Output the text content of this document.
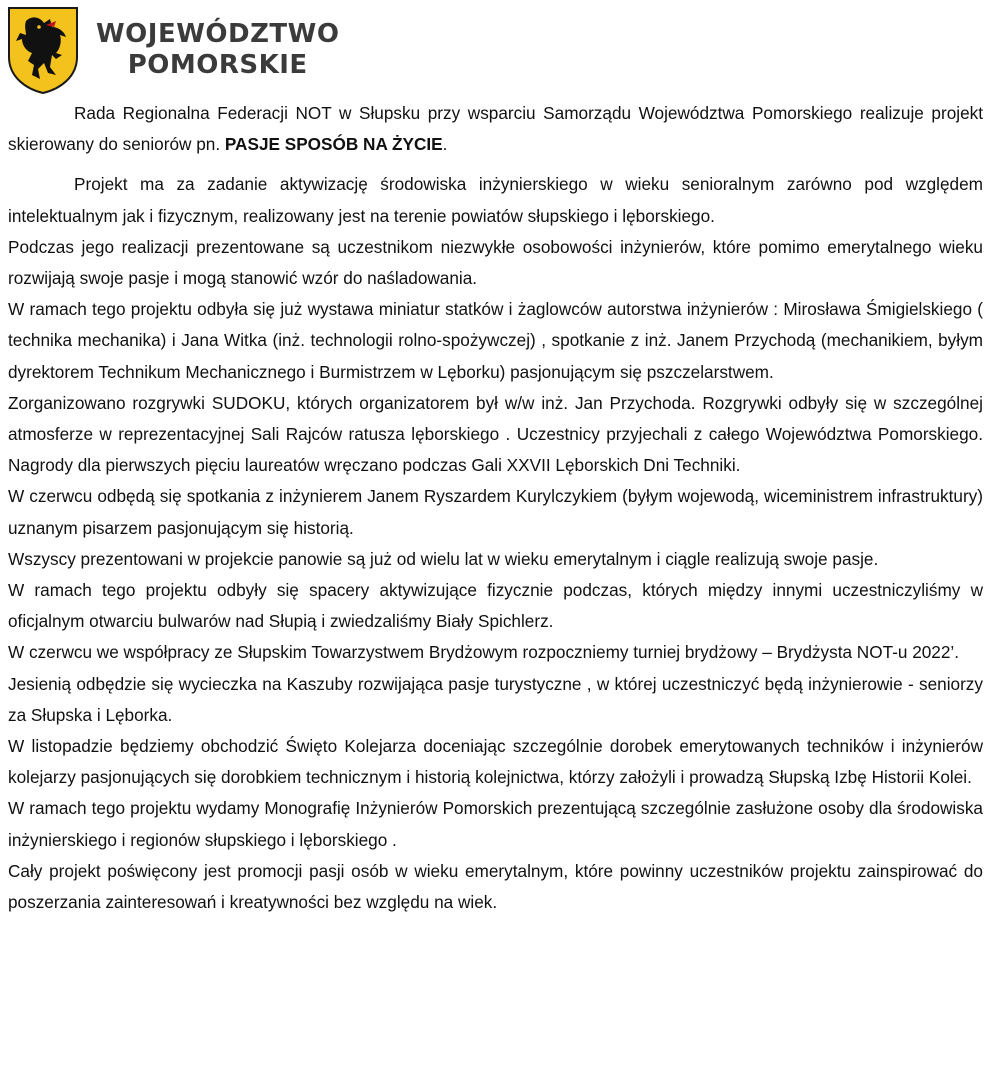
WOJEWÓDZTWO
POMORSKIE

Rada Regionalna Federacji NOT w Słupsku przy wsparciu Samorządu Województwa Pomorskiego realizuje projekt skierowany do seniorów pn. PASJE SPOSÓB NA ŻYCIE.

Projekt ma za zadanie aktywizację środowiska inżynierskiego w wieku senioralnym zarówno pod względem intelektualnym jak i fizycznym, realizowany jest na terenie powiatów słupskiego i lęborskiego.

Podczas jego realizacji prezentowane są uczestnikom niezwykłe osobowości inżynierów, które pomimo emerytalnego wieku rozwijają swoje pasje i mogą stanowić wzór do naśladowania.

W ramach tego projektu odbyła się już wystawa miniatur statków i żaglowców autorstwa inżynierów : Mirosława Śmigielskiego ( technika mechanika) i Jana Witka (inż. technologii rolno-spożywczej) , spotkanie z inż. Janem Przychodą (mechanikiem, byłym dyrektorem Technikum Mechanicznego i Burmistrzem w Lęborku) pasjonującym się pszczelarstwem.

Zorganizowano rozgrywki SUDOKU, których organizatorem był w/w inż. Jan Przychoda. Rozgrywki odbyły się w szczególnej atmosferze w reprezentacyjnej Sali Rajców ratusza lęborskiego . Uczestnicy przyjechali z całego Województwa Pomorskiego. Nagrody dla pierwszych pięciu laureatów wręczano podczas Gali XXVII Lęborskich Dni Techniki.

W czerwcu odbędą się spotkania z inżynierem Janem Ryszardem Kurylczykiem (byłym wojewodą, wiceministrem infrastruktury) uznanym pisarzem pasjonującym się historią.

Wszyscy prezentowani w projekcie panowie są już od wielu lat w wieku emerytalnym i ciągle realizują swoje pasje.

W ramach tego projektu odbyły się spacery aktywizujące fizycznie podczas, których między innymi uczestniczyliśmy w oficjalnym otwarciu bulwarów nad Słupią i zwiedzaliśmy Biały Spichlerz.

W czerwcu we współpracy ze Słupskim Towarzystwem Brydżowym rozpoczniemy turniej brydżowy – Brydżysta NOT-u 2022’.

Jesienią odbędzie się wycieczka na Kaszuby rozwijająca pasje turystyczne , w której uczestniczyć będą inżynierowie - seniorzy za Słupska i Lęborka.

W listopadzie będziemy obchodzić Święto Kolejarza doceniając szczególnie dorobek emerytowanych techników i inżynierów kolejarzy pasjonujących się dorobkiem technicznym i historią kolejnictwa, którzy założyli i prowadzą Słupską Izbę Historii Kolei.

W ramach tego projektu wydamy Monografię Inżynierów Pomorskich prezentującą szczególnie zasłużone osoby dla środowiska inżynierskiego i regionów słupskiego i lęborskiego .

Cały projekt poświęcony jest promocji pasji osób w wieku emerytalnym, które powinny uczestników projektu zainspirować do poszerzania zainteresowań i kreatywności bez względu na wiek.
